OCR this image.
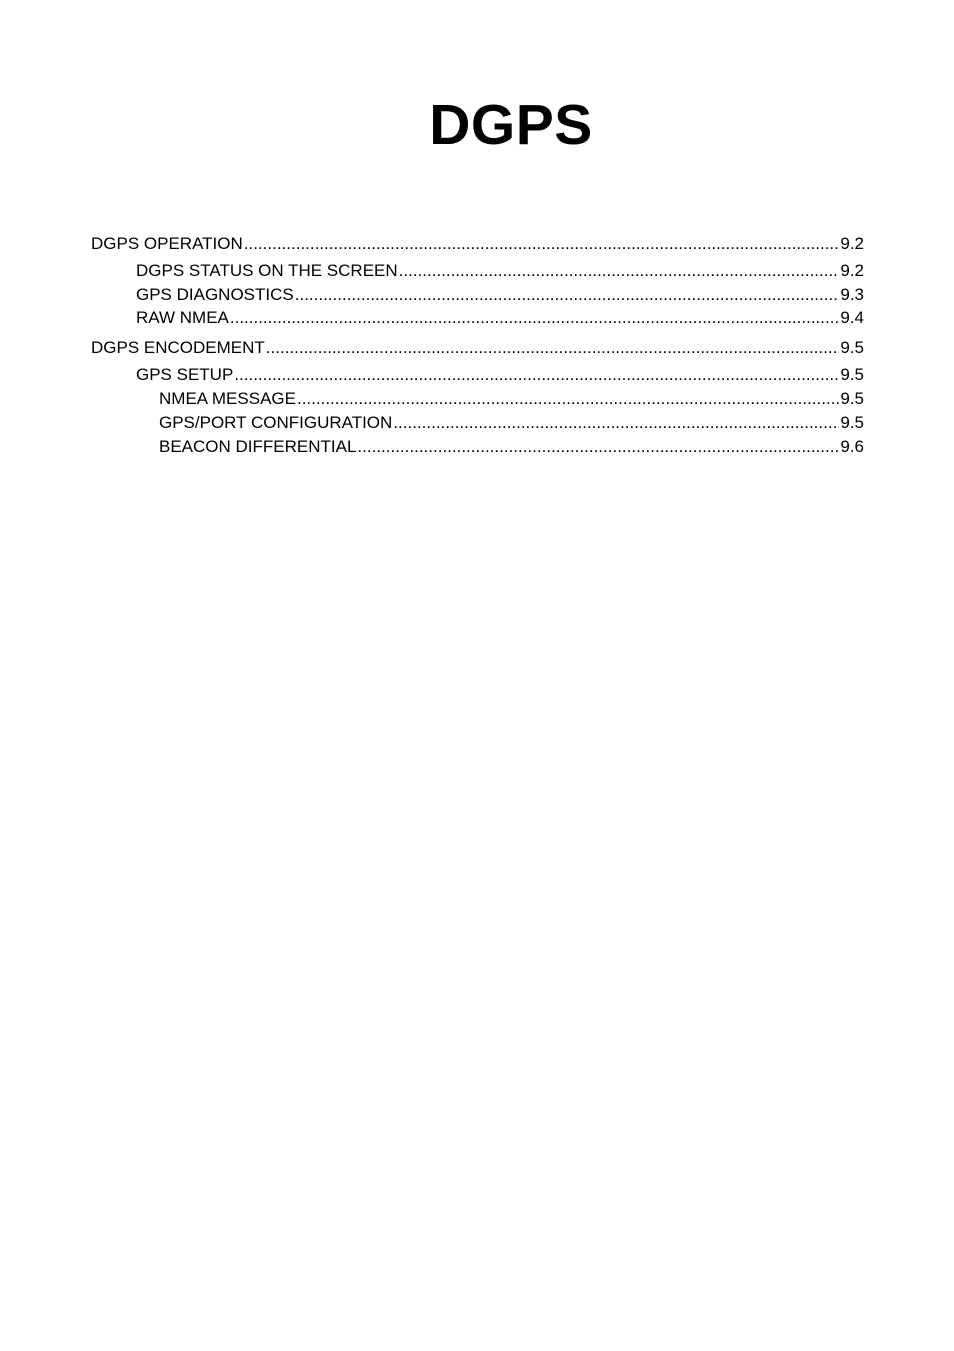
DGPS
DGPS OPERATION .....	9.2
DGPS STATUS ON THE SCREEN .....	9.2
GPS DIAGNOSTICS .....	9.3
RAW NMEA .....	9.4
DGPS ENCODEMENT .....	9.5
GPS SETUP .....	9.5
NMEA MESSAGE .....	9.5
GPS/PORT CONFIGURATION .....	9.5
BEACON DIFFERENTIAL .....	9.6
